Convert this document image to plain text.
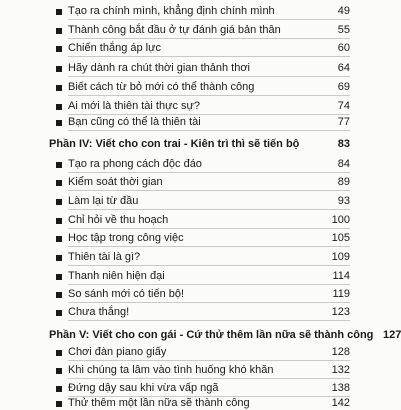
Tạo ra chính mình, khẳng định chính mình	49
Thành công bắt đầu ở tự đánh giá bản thân	55
Chiến thắng áp lực	60
Hãy dành ra chút thời gian thảnh thơi	64
Biết cách từ bỏ mới có thể thành công	69
Ai mới là thiên tài thực sự?	74
Bạn cũng có thể là thiên tài	77
Phần IV: Viết cho con trai - Kiên trì thì sẽ tiến bộ	83
Tạo ra phong cách độc đáo	84
Kiểm soát thời gian	89
Làm lại từ đầu	93
Chỉ hỏi về thu hoạch	100
Học tập trong công việc	105
Thiên tài là gì?	109
Thanh niên hiện đại	114
So sánh mới có tiến bộ!	119
Chưa thắng!	123
Phần V: Viết cho con gái - Cứ thử thêm lần nữa sẽ thành công 127
Chơi đàn piano giấy	128
Khi chúng ta lâm vào tình huống khó khăn	132
Đứng dậy sau khi vừa vấp ngã	138
Thử thêm một lần nữa sẽ thành công	142
